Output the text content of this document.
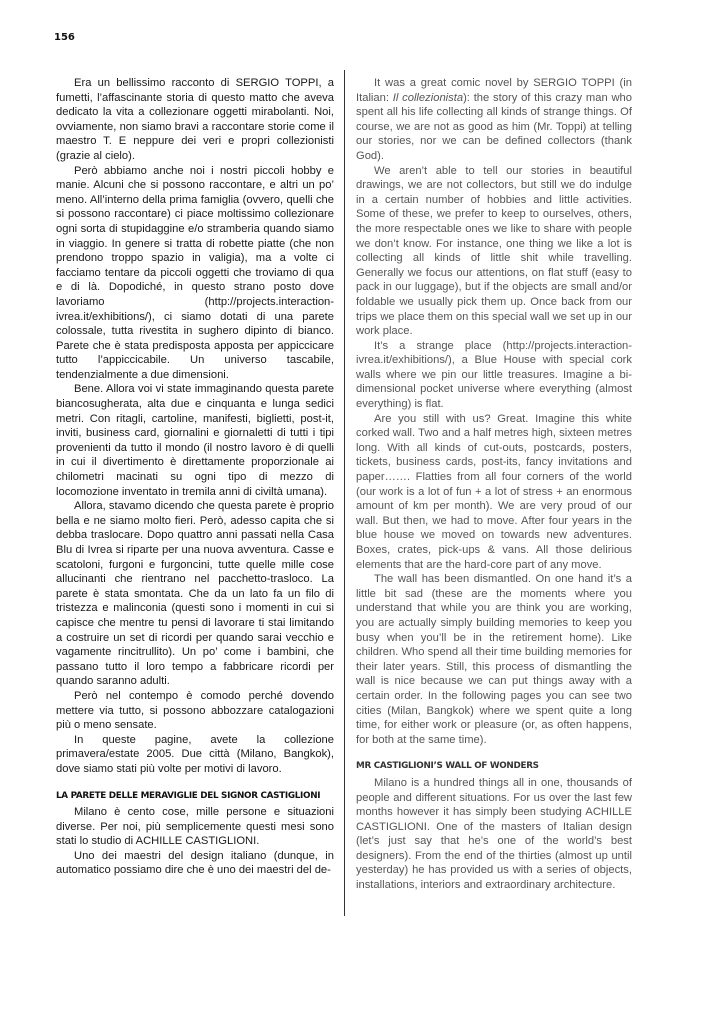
156

Era un bellissimo racconto di SERGIO TOPPI, a fumetti, l’affascinante storia di questo matto che aveva dedicato la vita a collezionare oggetti mirabolanti. Noi, ovviamente, non siamo bravi a raccontare storie come il maestro T. E neppure dei veri e propri collezionisti (grazie al cielo).

Però abbiamo anche noi i nostri piccoli hobby e manie. Alcuni che si possono raccontare, e altri un po’ meno. All’interno della prima famiglia (ovvero, quelli che si possono raccontare) ci piace moltissimo collezionare ogni sorta di stupidaggine e/o stramberia quando siamo in viaggio. In genere si tratta di robette piatte (che non prendono troppo spazio in valigia), ma a volte ci facciamo tentare da piccoli oggetti che troviamo di qua e di là. Dopodiché, in questo strano posto dove lavoriamo (http://projects.interaction-ivrea.it/exhibitions/), ci siamo dotati di una parete colossale, tutta rivestita in sughero dipinto di bianco. Parete che è stata predisposta apposta per appiccicare tutto l’appiccicabile. Un universo tascabile, tendenzialmente a due dimensioni.

Bene. Allora voi vi state immaginando questa parete biancosugherata, alta due e cinquanta e lunga sedici metri. Con ritagli, cartoline, manifesti, biglietti, post-it, inviti, business card, giornalini e giornaletti di tutti i tipi provenienti da tutto il mondo (il nostro lavoro è di quelli in cui il divertimento è direttamente proporzionale ai chilometri macinati su ogni tipo di mezzo di locomozione inventato in tremila anni di civiltà umana).

Allora, stavamo dicendo che questa parete è proprio bella e ne siamo molto fieri. Però, adesso capita che si debba traslocare. Dopo quattro anni passati nella Casa Blu di Ivrea si riparte per una nuova avventura. Casse e scatoloni, furgoni e furgoncini, tutte quelle mille cose allucinanti che rientrano nel pacchetto-trasloco. La parete è stata smontata. Che da un lato fa un filo di tristezza e malinconia (questi sono i momenti in cui si capisce che mentre tu pensi di lavorare ti stai limitando a costruire un set di ricordi per quando sarai vecchio e vagamente rincitrullito). Un po’ come i bambini, che passano tutto il loro tempo a fabbricare ricordi per quando saranno adulti.

Però nel contempo è comodo perché dovendo mettere via tutto, si possono abbozzare catalogazioni più o meno sensate.

In queste pagine, avete la collezione primavera/estate 2005. Due città (Milano, Bangkok), dove siamo stati più volte per motivi di lavoro.

LA PARETE DELLE MERAVIGLIE DEL SIGNOR CASTIGLIONI

Milano è cento cose, mille persone e situazioni diverse. Per noi, più semplicemente questi mesi sono stati lo studio di ACHILLE CASTIGLIONI.

Uno dei maestri del design italiano (dunque, in automatico possiamo dire che è uno dei maestri del de-

It was a great comic novel by SERGIO TOPPI (in Italian: Il collezionista): the story of this crazy man who spent all his life collecting all kinds of strange things. Of course, we are not as good as him (Mr. Toppi) at telling our stories, nor we can be defined collectors (thank God).

We aren’t able to tell our stories in beautiful drawings, we are not collectors, but still we do indulge in a certain number of hobbies and little activities. Some of these, we prefer to keep to ourselves, others, the more respectable ones we like to share with people we don’t know. For instance, one thing we like a lot is collecting all kinds of little shit while travelling. Generally we focus our attentions, on flat stuff (easy to pack in our luggage), but if the objects are small and/or foldable we usually pick them up. Once back from our trips we place them on this special wall we set up in our work place.

It’s a strange place (http://projects.interaction-ivrea.it/exhibitions/), a Blue House with special cork walls where we pin our little treasures. Imagine a bi-dimensional pocket universe where everything (almost everything) is flat.

Are you still with us? Great. Imagine this white corked wall. Two and a half metres high, sixteen metres long. With all kinds of cut-outs, postcards, posters, tickets, business cards, post-its, fancy invitations and paper……. Flatties from all four corners of the world (our work is a lot of fun + a lot of stress + an enormous amount of km per month). We are very proud of our wall. But then, we had to move. After four years in the blue house we moved on towards new adventures. Boxes, crates, pick-ups & vans. All those delirious elements that are the hard-core part of any move.

The wall has been dismantled. On one hand it’s a little bit sad (these are the moments where you understand that while you are think you are working, you are actually simply building memories to keep you busy when you’ll be in the retirement home). Like children. Who spend all their time building memories for their later years. Still, this process of dismantling the wall is nice because we can put things away with a certain order. In the following pages you can see two cities (Milan, Bangkok) where we spent quite a long time, for either work or pleasure (or, as often happens, for both at the same time).

MR CASTIGLIONI’S WALL OF WONDERS

Milano is a hundred things all in one, thousands of people and different situations. For us over the last few months however it has simply been studying ACHILLE CASTIGLIONI. One of the masters of Italian design (let’s just say that he’s one of the world’s best designers). From the end of the thirties (almost up until yesterday) he has provided us with a series of objects, installations, interiors and extraordinary architecture.
